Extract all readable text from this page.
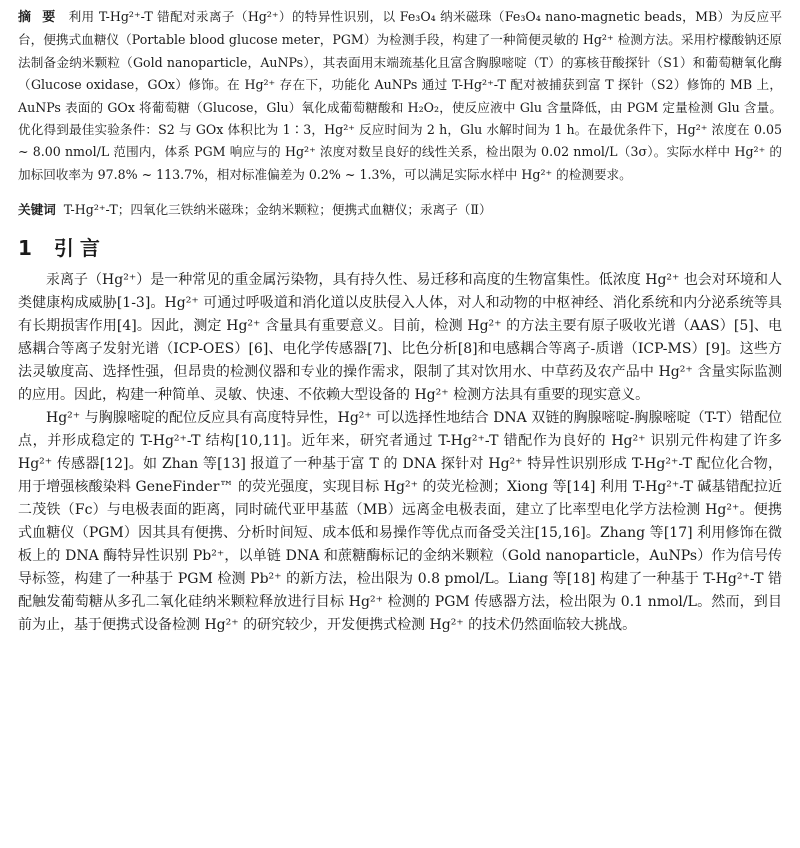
摘 要 利用 T-Hg²⁺-T 错配对汞离子（Hg²⁺）的特异性识别，以 Fe₃O₄ 纳米磁珠（Fe₃O₄ nano-magnetic beads，MB）为反应平台，便携式血糖仪（Portable blood glucose meter，PGM）为检测手段，构建了一种简便灵敏的 Hg²⁺ 检测方法。采用柠檬酸钠还原法制备金纳米颗粒（Gold nanoparticle，AuNPs），其表面用末端巯基化且富含胸腺嘧啶（T）的寡核苷酸探针（S1）和葡萄糖氧化酶（Glucose oxidase，GOx）修饰。在 Hg²⁺ 存在下，功能化 AuNPs 通过 T-Hg²⁺-T 配对被捕获到富 T 探针（S2）修饰的 MB 上，AuNPs 表面的 GOx 将葡萄糖（Glucose，Glu）氧化成葡萄糖酸和 H₂O₂，使反应液中 Glu 含量降低，由 PGM 定量检测 Glu 含量。优化得到最佳实验条件：S2 与 GOx 体积比为 1∶3，Hg²⁺ 反应时间为 2 h，Glu 水解时间为 1 h。在最优条件下，Hg²⁺ 浓度在 0.05 ~ 8.00 nmol/L 范围内，体系 PGM 响应与的 Hg²⁺ 浓度对数呈良好的线性关系，检出限为 0.02 nmol/L（3σ）。实际水样中 Hg²⁺ 的加标回收率为 97.8% ~ 113.7%，相对标准偏差为 0.2% ~ 1.3%，可以满足实际水样中 Hg²⁺ 的检测要求。
关键词 T-Hg²⁺-T；四氧化三铁纳米磁珠；金纳米颗粒；便携式血糖仪；汞离子（Ⅱ）
1 引言

汞离子（Hg²⁺）是一种常见的重金属污染物，具有持久性、易迁移和高度的生物富集性。低浓度 Hg²⁺ 也会对环境和人类健康构成威胁[1-3]。Hg²⁺ 可通过呼吸道和消化道以皮肤侵入人体，对人和动物的中枢神经、消化系统和内分泌系统等具有长期损害作用[4]。因此，测定 Hg²⁺ 含量具有重要意义。目前，检测 Hg²⁺ 的方法主要有原子吸收光谱（AAS）[5]、电感耦合等离子发射光谱（ICP-OES）[6]、电化学传感器[7]、比色分析[8]和电感耦合等离子-质谱（ICP-MS）[9]。这些方法灵敏度高、选择性强，但昂贵的检测仪器和专业的操作需求，限制了其对饮用水、中草药及农产品中 Hg²⁺ 含量实际监测的应用。因此，构建一种简单、灵敏、快速、不依赖大型设备的 Hg²⁺ 检测方法具有重要的现实意义。

Hg²⁺ 与胸腺嘧啶的配位反应具有高度特异性，Hg²⁺ 可以选择性地结合 DNA 双链的胸腺嘧啶-胸腺嘧啶（T-T）错配位点，并形成稳定的 T-Hg²⁺-T 结构[10,11]。近年来，研究者通过 T-Hg²⁺-T 错配作为良好的 Hg²⁺ 识别元件构建了许多 Hg²⁺ 传感器[12]。如 Zhan 等[13] 报道了一种基于富 T 的 DNA 探针对 Hg²⁺ 特异性识别形成 T-Hg²⁺-T 配位化合物，用于增强核酸染料 GeneFinder™ 的荧光强度，实现目标 Hg²⁺ 的荧光检测；Xiong 等[14] 利用 T-Hg²⁺-T 碱基错配拉近二茂铁（Fc）与电极表面的距离，同时硫代亚甲基蓝（MB）远离金电极表面，建立了比率型电化学方法检测 Hg²⁺。便携式血糖仪（PGM）因其具有便携、分析时间短、成本低和易操作等优点而备受关注[15,16]。Zhang 等[17] 利用修饰在微板上的 DNA 酶特异性识别 Pb²⁺，以单链 DNA 和蔗糖酶标记的金纳米颗粒（Gold nanoparticle，AuNPs）作为信号传导标签，构建了一种基于 PGM 检测 Pb²⁺ 的新方法，检出限为 0.8 pmol/L。Liang 等[18] 构建了一种基于 T-Hg²⁺-T 错配触发葡萄糖从多孔二氧化硅纳米颗粒释放进行目标 Hg²⁺ 检测的 PGM 传感器方法，检出限为 0.1 nmol/L。然而，到目前为止，基于便携式设备检测 Hg²⁺ 的研究较少，开发便携式检测 Hg²⁺ 的技术仍然面临较大挑战。
